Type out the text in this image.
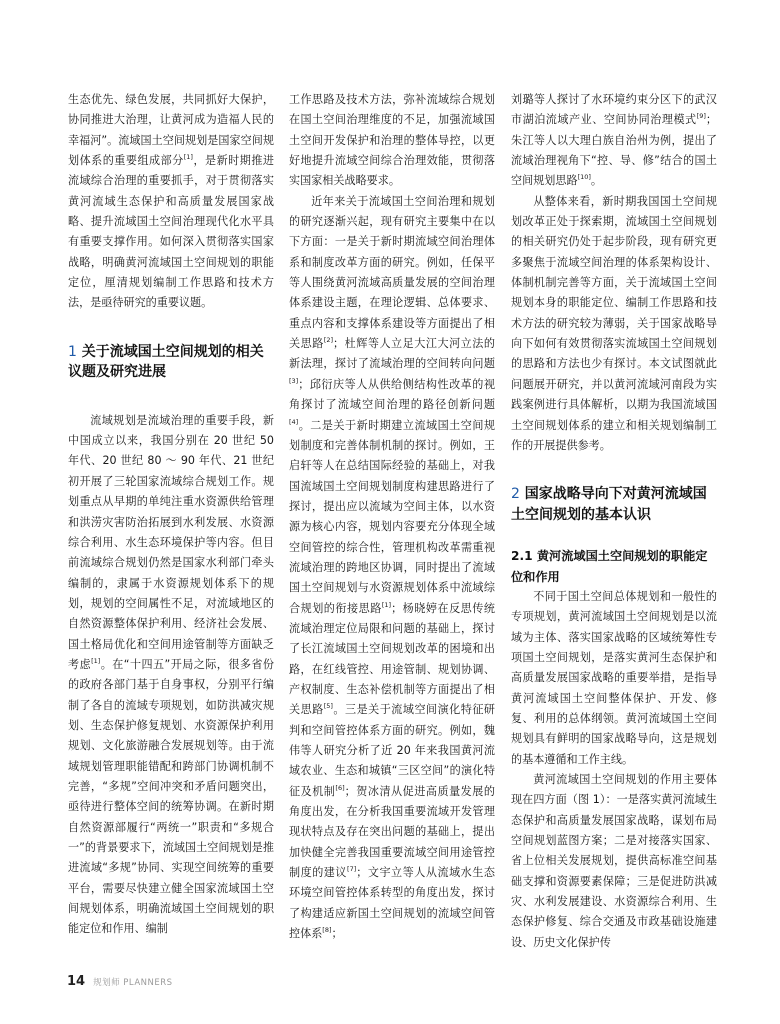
生态优先、绿色发展，共同抓好大保护，协同推进大治理，让黄河成为造福人民的幸福河”。流域国土空间规划是国家空间规划体系的重要组成部分[1]，是新时期推进流域综合治理的重要抓手，对于贯彻落实黄河流域生态保护和高质量发展国家战略、提升流域国土空间治理现代化水平具有重要支撑作用。如何深入贯彻落实国家战略，明确黄河流域国土空间规划的职能定位，厘清规划编制工作思路和技术方法，是亟待研究的重要议题。

1 关于流域国土空间规划的相关议题及研究进展

流域规划是流域治理的重要手段，新中国成立以来，我国分别在 20 世纪 50 年代、20 世纪 80 ～ 90 年代、21 世纪初开展了三轮国家流域综合规划工作。规划重点从早期的单纯注重水资源供给管理和洪涝灾害防治拓展到水利发展、水资源综合利用、水生态环境保护等内容。但目前流域综合规划仍然是国家水利部门牵头编制的，隶属于水资源规划体系下的规划，规划的空间属性不足，对流域地区的自然资源整体保护利用、经济社会发展、国土格局优化和空间用途管制等方面缺乏考虑[1]。在“十四五”开局之际，很多省份的政府各部门基于自身事权，分别平行编制了各自的流域专项规划，如防洪减灾规划、生态保护修复规划、水资源保护利用规划、文化旅游融合发展规划等。由于流域规划管理职能错配和跨部门协调机制不完善，“多规”空间冲突和矛盾问题突出，亟待进行整体空间的统筹协调。在新时期自然资源部履行“两统一”职责和“多规合一”的背景要求下，流域国土空间规划是推进流域“多规”协同、实现空间统筹的重要平台，需要尽快建立健全国家流域国土空间规划体系，明确流域国土空间规划的职能定位和作用、编制

工作思路及技术方法，弥补流域综合规划在国土空间治理维度的不足，加强流域国土空间开发保护和治理的整体导控，以更好地提升流域空间综合治理效能，贯彻落实国家相关战略要求。

近年来关于流域国土空间治理和规划的研究逐渐兴起，现有研究主要集中在以下方面：一是关于新时期流域空间治理体系和制度改革方面的研究。例如，任保平等人围绕黄河流域高质量发展的空间治理体系建设主题，在理论逻辑、总体要求、重点内容和支撑体系建设等方面提出了相关思路[2]；杜辉等人立足大江大河立法的新法理，探讨了流域治理的空间转向问题[3]；邱衍庆等人从供给侧结构性改革的视角探讨了流域空间治理的路径创新问题[4]。二是关于新时期建立流域国土空间规划制度和完善体制机制的探讨。例如，王启轩等人在总结国际经验的基础上，对我国流域国土空间规划制度构建思路进行了探讨，提出应以流域为空间主体，以水资源为核心内容，规划内容要充分体现全域空间管控的综合性，管理机构改革需重视流域治理的跨地区协调，同时提出了流域国土空间规划与水资源规划体系中流域综合规划的衔接思路[1]；杨晓婷在反思传统流域治理定位局限和问题的基础上，探讨了长江流域国土空间规划改革的困境和出路，在红线管控、用途管制、规划协调、产权制度、生态补偿机制等方面提出了相关思路[5]。三是关于流域空间演化特征研判和空间管控体系方面的研究。例如，魏伟等人研究分析了近 20 年来我国黄河流域农业、生态和城镇“三区空间”的演化特征及机制[6]；贺冰清从促进高质量发展的角度出发，在分析我国重要流域开发管理现状特点及存在突出问题的基础上，提出加快健全完善我国重要流域空间用途管控制度的建议[7]；文宇立等人从流域水生态环境空间管控体系转型的角度出发，探讨了构建适应新国土空间规划的流域空间管控体系[8]；

刘璐等人探讨了水环境约束分区下的武汉市湖泊流域产业、空间协同治理模式[9]；朱江等人以大理白族自治州为例，提出了流域治理视角下“控、导、修”结合的国土空间规划思路[10]。

从整体来看，新时期我国国土空间规划改革正处于探索期，流域国土空间规划的相关研究仍处于起步阶段，现有研究更多聚焦于流域空间治理的体系架构设计、体制机制完善等方面，关于流域国土空间规划本身的职能定位、编制工作思路和技术方法的研究较为薄弱，关于国家战略导向下如何有效贯彻落实流域国土空间规划的思路和方法也少有探讨。本文试图就此问题展开研究，并以黄河流域河南段为实践案例进行具体解析，以期为我国流域国土空间规划体系的建立和相关规划编制工作的开展提供参考。

2 国家战略导向下对黄河流域国土空间规划的基本认识
2.1 黄河流域国土空间规划的职能定位和作用

不同于国土空间总体规划和一般性的专项规划，黄河流域国土空间规划是以流域为主体、落实国家战略的区域统筹性专项国土空间规划，是落实黄河生态保护和高质量发展国家战略的重要举措，是指导黄河流域国土空间整体保护、开发、修复、利用的总体纲领。黄河流域国土空间规划具有鲜明的国家战略导向，这是规划的基本遵循和工作主线。

黄河流域国土空间规划的作用主要体现在四方面（图 1）：一是落实黄河流域生态保护和高质量发展国家战略，谋划布局空间规划蓝图方案；二是对接落实国家、省上位相关发展规划，提供高标准空间基础支撑和资源要素保障；三是促进防洪减灾、水利发展建设、水资源综合利用、生态保护修复、综合交通及市政基础设施建设、历史文化保护传

14 规划师 PLANNERS
